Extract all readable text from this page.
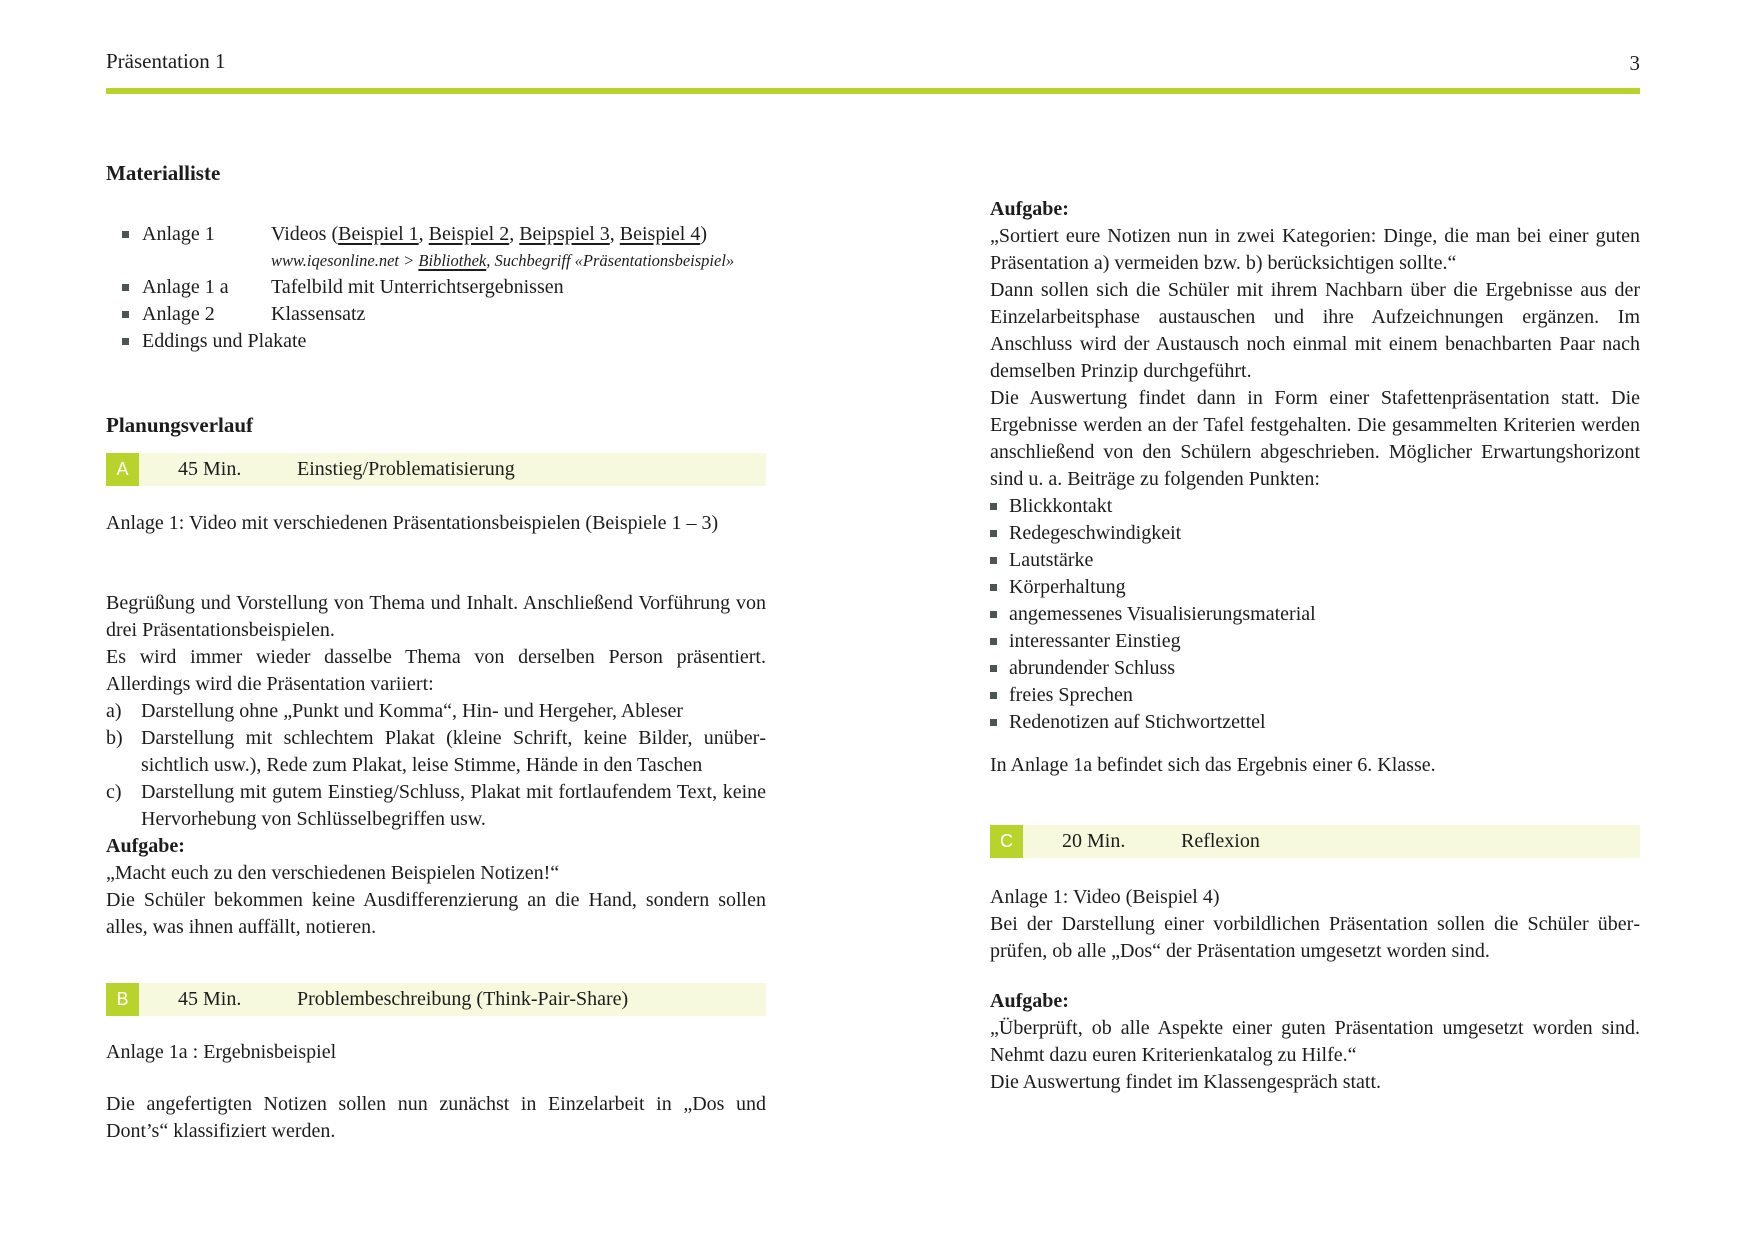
Präsentation 1	3
Materialliste
Anlage 1	Videos (Beispiel 1, Beispiel 2, Beipspiel 3, Beispiel 4)
www.iqesonline.net > Bibliothek, Suchbegriff «Präsentationsbeispiel»
Anlage 1 a Tafelbild mit Unterrichtsergebnissen
Anlage 2	Klassensatz
Eddings und Plakate
Planungsverlauf
A	45 Min.	Einstieg/Problematisierung

Anlage 1: Video mit verschiedenen Präsentationsbeispielen (Beispiele 1 – 3)

Begrüßung und Vorstellung von Thema und Inhalt. Anschließend Vorführung von drei Präsentationsbeispielen.

Es wird immer wieder dasselbe Thema von derselben Person präsentiert. Allerdings wird die Präsentation variiert:

a) Darstellung ohne „Punkt und Komma“, Hin- und Hergeher, Ableser
b) Darstellung mit schlechtem Plakat (kleine Schrift, keine Bilder, unübersichtlich usw.), Rede zum Plakat, leise Stimme, Hände in den Taschen
c) Darstellung mit gutem Einstieg/Schluss, Plakat mit fortlaufendem Text, keine Hervorhebung von Schlüsselbegriffen usw.

Aufgabe:

„Macht euch zu den verschiedenen Beispielen Notizen!“

Die Schüler bekommen keine Ausdifferenzierung an die Hand, sondern sollen alles, was ihnen auffällt, notieren.

B	45 Min.	Problembeschreibung (Think-Pair-Share)

Anlage 1a : Ergebnisbeispiel

Die angefertigten Notizen sollen nun zunächst in Einzelarbeit in „Dos und Dont’s“ klassifiziert werden.

Aufgabe:

„Sortiert eure Notizen nun in zwei Kategorien: Dinge, die man bei einer guten Präsentation a) vermeiden bzw. b) berücksichtigen sollte.“

Dann sollen sich die Schüler mit ihrem Nachbarn über die Ergebnisse aus der Einzelarbeitsphase austauschen und ihre Aufzeichnungen ergänzen. Im Anschluss wird der Austausch noch einmal mit einem benachbarten Paar nach demselben Prinzip durchgeführt.

Die Auswertung findet dann in Form einer Stafettenpräsentation statt. Die Ergebnisse werden an der Tafel festgehalten. Die gesammelten Kriterien werden anschließend von den Schülern abgeschrieben. Möglicher Erwartungshorizont sind u. a. Beiträge zu folgenden Punkten:

Blickkontakt
Redegeschwindigkeit
Lautstärke
Körperhaltung
angemessenes Visualisierungsmaterial
interessanter Einstieg
abrundender Schluss
freies Sprechen
Redenotizen auf Stichwortzettel

In Anlage 1a befindet sich das Ergebnis einer 6. Klasse.

C	20 Min.	Reflexion

Anlage 1: Video (Beispiel 4)

Bei der Darstellung einer vorbildlichen Präsentation sollen die Schüler überprüfen, ob alle „Dos“ der Präsentation umgesetzt worden sind.

Aufgabe:

„Überprüft, ob alle Aspekte einer guten Präsentation umgesetzt worden sind. Nehmt dazu euren Kriterienkatalog zu Hilfe.“

Die Auswertung findet im Klassengespräch statt.
